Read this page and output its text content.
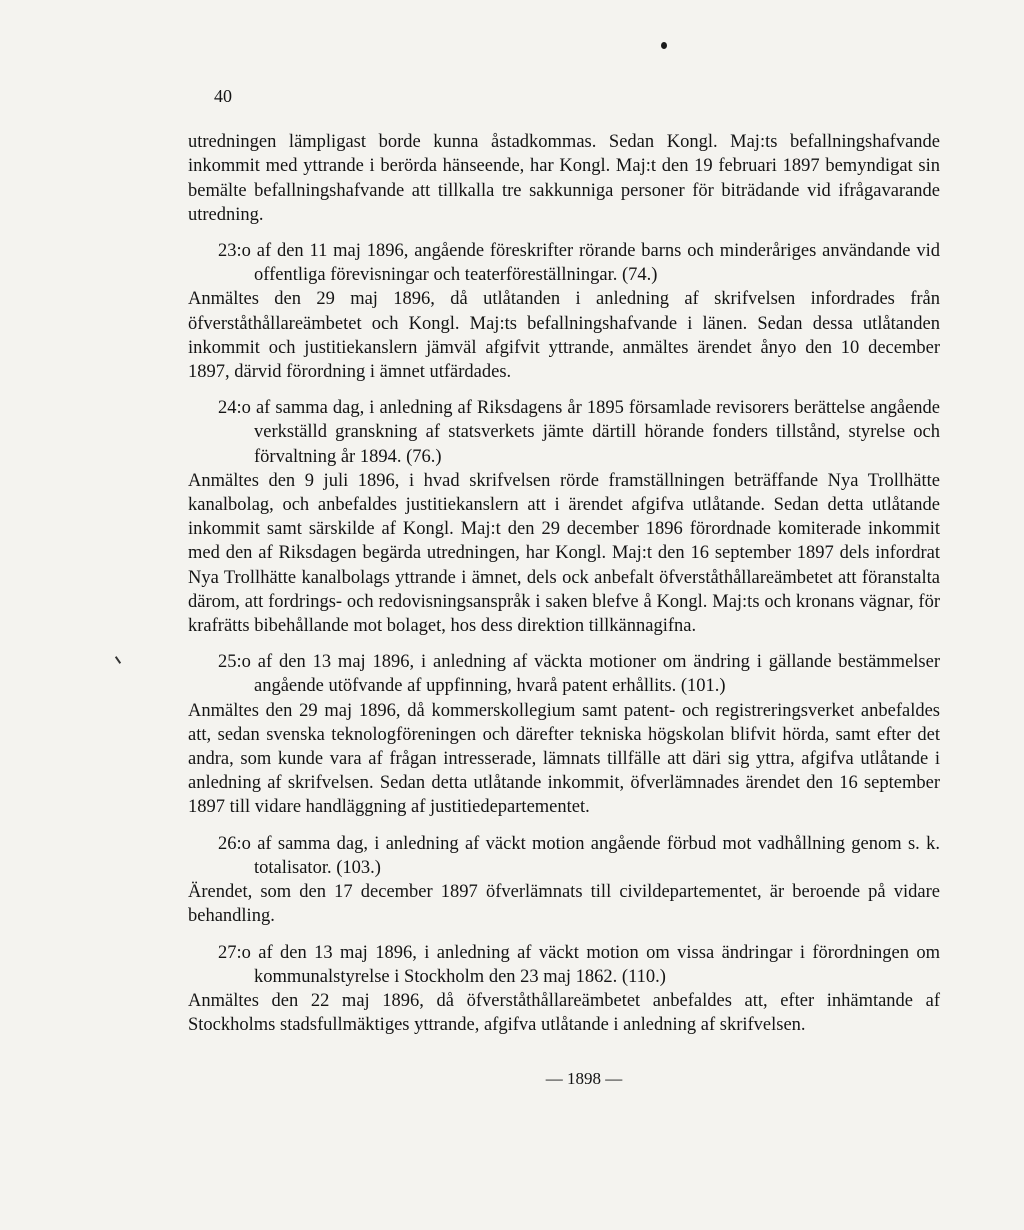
40

utredningen lämpligast borde kunna åstadkommas. Sedan Kongl. Maj:ts befallningshafvande inkommit med yttrande i berörda hänseende, har Kongl. Maj:t den 19 februari 1897 bemyndigat sin bemälte befallningshafvande att tillkalla tre sakkunniga personer för biträdande vid ifrågavarande utredning.

23:o af den 11 maj 1896, angående föreskrifter rörande barns och minderåriges användande vid offentliga förevisningar och teaterföreställningar. (74.)

Anmältes den 29 maj 1896, då utlåtanden i anledning af skrifvelsen infordrades från öfverståthållareämbetet och Kongl. Maj:ts befallningshafvande i länen. Sedan dessa utlåtanden inkommit och justitiekanslern jämväl afgifvit yttrande, anmältes ärendet ånyo den 10 december 1897, därvid förordning i ämnet utfärdades.

24:o af samma dag, i anledning af Riksdagens år 1895 församlade revisorers berättelse angående verkställd granskning af statsverkets jämte därtill hörande fonders tillstånd, styrelse och förvaltning år 1894. (76.)

Anmältes den 9 juli 1896, i hvad skrifvelsen rörde framställningen beträffande Nya Trollhätte kanalbolag, och anbefaldes justitiekanslern att i ärendet afgifva utlåtande. Sedan detta utlåtande inkommit samt särskilde af Kongl. Maj:t den 29 december 1896 förordnade komiterade inkommit med den af Riksdagen begärda utredningen, har Kongl. Maj:t den 16 september 1897 dels infordrat Nya Trollhätte kanalbolags yttrande i ämnet, dels ock anbefalt öfverståthållareämbetet att föranstalta därom, att fordrings- och redovisningsanspråk i saken blefve å Kongl. Maj:ts och kronans vägnar, för krafrätts bibehållande mot bolaget, hos dess direktion tillkännagifna.

25:o af den 13 maj 1896, i anledning af väckta motioner om ändring i gällande bestämmelser angående utöfvande af uppfinning, hvarå patent erhållits. (101.)

Anmältes den 29 maj 1896, då kommerskollegium samt patent- och registreringsverket anbefaldes att, sedan svenska teknologföreningen och därefter tekniska högskolan blifvit hörda, samt efter det andra, som kunde vara af frågan intresserade, lämnats tillfälle att däri sig yttra, afgifva utlåtande i anledning af skrifvelsen. Sedan detta utlåtande inkommit, öfverlämnades ärendet den 16 september 1897 till vidare handläggning af justitiedepartementet.

26:o af samma dag, i anledning af väckt motion angående förbud mot vadhållning genom s. k. totalisator. (103.)

Ärendet, som den 17 december 1897 öfverlämnats till civildepartementet, är beroende på vidare behandling.

27:o af den 13 maj 1896, i anledning af väckt motion om vissa ändringar i förordningen om kommunalstyrelse i Stockholm den 23 maj 1862. (110.)

Anmältes den 22 maj 1896, då öfverståthållareämbetet anbefaldes att, efter inhämtande af Stockholms stadsfullmäktiges yttrande, afgifva utlåtande i anledning af skrifvelsen.

— 1898 —
